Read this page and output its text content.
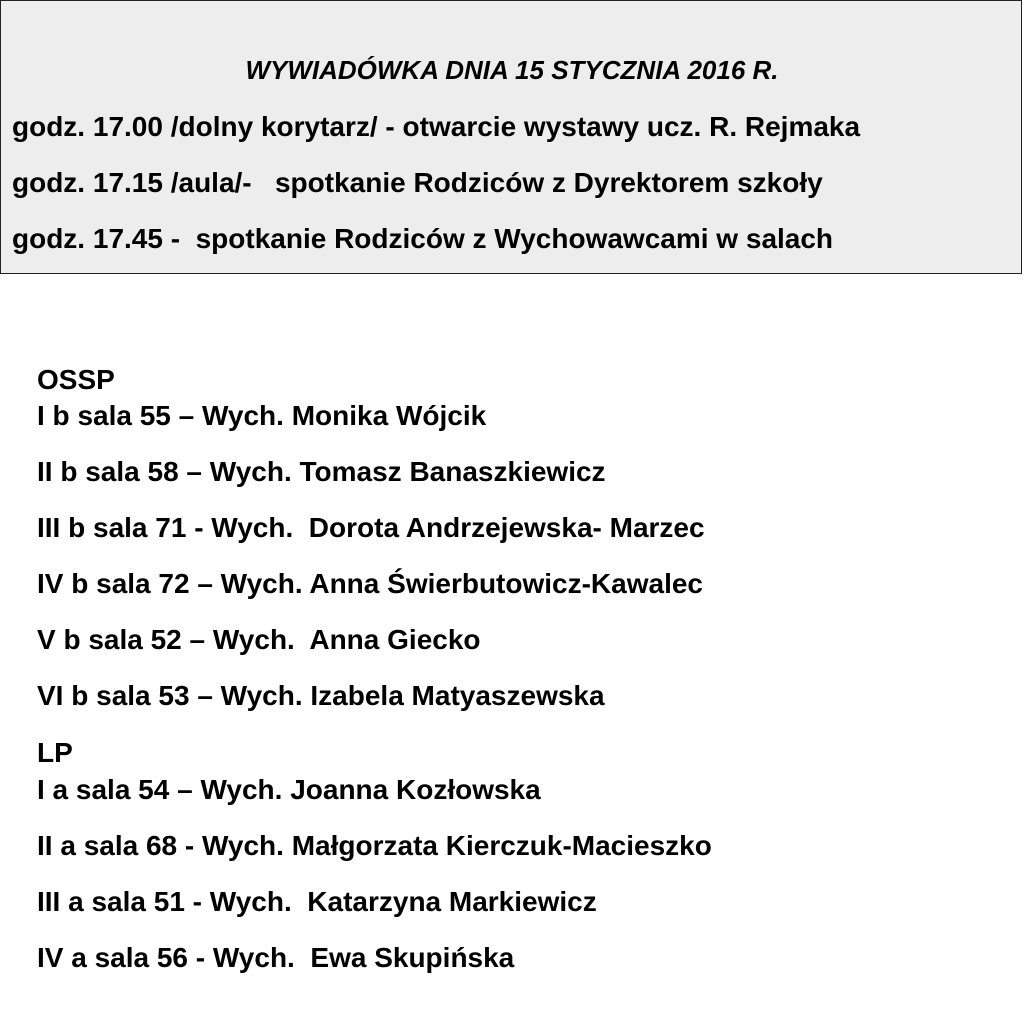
WYWIADÓWKA DNIA 15 STYCZNIA 2016 R.
godz. 17.00 /dolny korytarz/ - otwarcie wystawy ucz. R. Rejmaka
godz. 17.15 /aula/-   spotkanie Rodziców z Dyrektorem szkoły
godz. 17.45 -  spotkanie Rodziców z Wychowawcami w salach
OSSP
I b sala 55 – Wych. Monika Wójcik
II b sala 58 – Wych. Tomasz Banaszkiewicz
III b sala 71 - Wych.  Dorota Andrzejewska- Marzec
IV b sala 72 – Wych. Anna Świerbutowicz-Kawalec
V b sala 52 – Wych.  Anna Giecko
VI b sala 53 – Wych. Izabela Matyaszewska
LP
I a sala 54 – Wych. Joanna Kozłowska
II a sala 68 - Wych. Małgorzata Kierczuk-Macieszko
III a sala 51 - Wych.  Katarzyna Markiewicz
IV a sala 56 - Wych.  Ewa Skupińska
